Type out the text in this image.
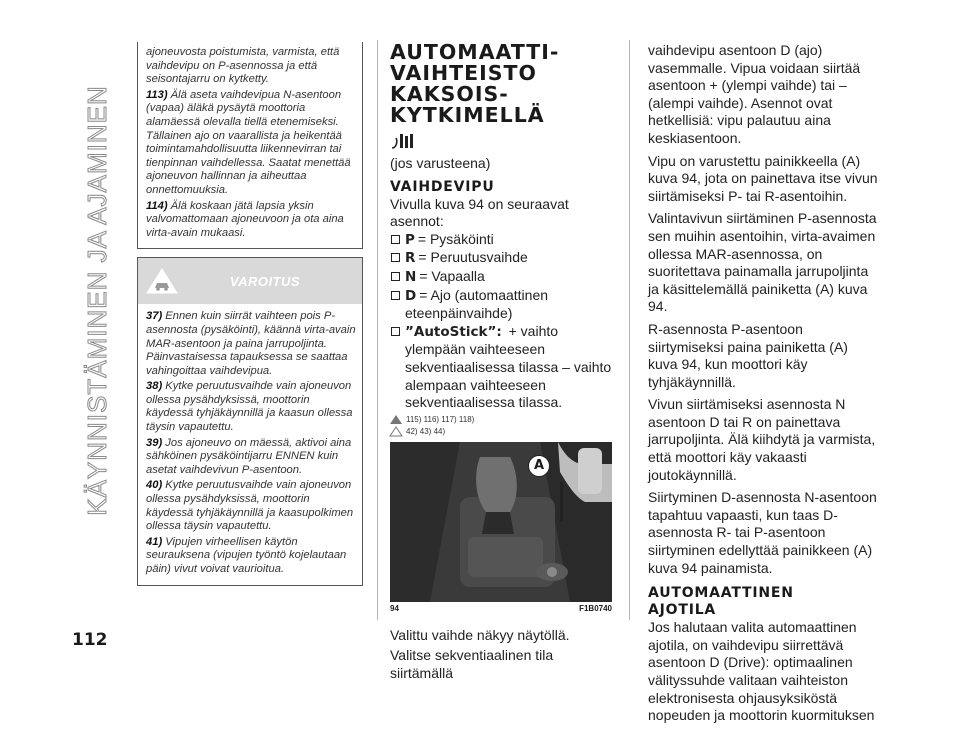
KÄYNNISTÄMINEN JA AJAMINEN
112

ajoneuvosta poistumista, varmista, että vaihdevipu on P-asennossa ja että seisontajarru on kytketty.

113) Älä aseta vaihdevipua N-asentoon (vapaa) äläkä pysäytä moottoria alamäessä olevalla tiellä etenemiseksi. Tällainen ajo on vaarallista ja heikentää toimintamahdollisuutta liikennevirran tai tienpinnan vaihdellessa. Saatat menettää ajoneuvon hallinnan ja aiheuttaa onnettomuuksia.

114) Älä koskaan jätä lapsia yksin valvomattomaan ajoneuvoon ja ota aina virta-avain mukaasi.

VAROITUS

37) Ennen kuin siirrät vaihteen pois P-asennosta (pysäköinti), käännä virta-avain MAR-asentoon ja paina jarrupoljinta. Päinvastaisessa tapauksessa se saattaa vahingoittaa vaihdevipua.

38) Kytke peruutusvaihde vain ajoneuvon ollessa pysähdyksissä, moottorin käydessä tyhjäkäynnillä ja kaasun ollessa täysin vapautettu.

39) Jos ajoneuvo on mäessä, aktivoi aina sähköinen pysäköintijarru ENNEN kuin asetat vaihdevivun P-asentoon.

40) Kytke peruutusvaihde vain ajoneuvon ollessa pysähdyksissä, moottorin käydessä tyhjäkäynnillä ja kaasupolkimen ollessa täysin vapautettu.

41) Vipujen virheellisen käytön seurauksena (vipujen työntö kojelautaan päin) vivut voivat vaurioitua.

AUTOMAATTI-
VAIHTEISTO
KAKSOIS-
KYTKIMELLÄ
(jos varusteena)
VAIHDEVIPU
Vivulla kuva 94 on seuraavat asennot:
P = Pysäköinti
R = Peruutusvaihde
N = Vapaalla
D = Ajo (automaattinen eteenpäinvaihde)
”AutoStick”: + vaihto ylempään vaihteeseen sekventiaalisessa tilassa – vaihto alempaan vaihteeseen sekventiaalisessa tilassa.
115) 116) 117) 118)
42) 43) 44)
A
94	F1B0740
Valittu vaihde näkyy näytöllä.
Valitse sekventiaalinen tila siirtämällä

vaihdevipu asentoon D (ajo) vasemmalle. Vipua voidaan siirtää asentoon + (ylempi vaihde) tai – (alempi vaihde). Asennot ovat hetkellisiä: vipu palautuu aina keskiasentoon.

Vipu on varustettu painikkeella (A) kuva 94, jota on painettava itse vivun siirtämiseksi P- tai R-asentoihin.

Valintavivun siirtäminen P-asennosta sen muihin asentoihin, virta-avaimen ollessa MAR-asennossa, on suoritettava painamalla jarrupoljinta ja käsittelemällä painiketta (A) kuva 94.

R-asennosta P-asentoon siirtymiseksi paina painiketta (A) kuva 94, kun moottori käy tyhjäkäynnillä.

Vivun siirtämiseksi asennosta N asentoon D tai R on painettava jarrupoljinta. Älä kiihdytä ja varmista, että moottori käy vakaasti joutokäynnillä.

Siirtyminen D-asennosta N-asentoon tapahtuu vapaasti, kun taas D-asennosta R- tai P-asentoon siirtyminen edellyttää painikkeen (A) kuva 94 painamista.

AUTOMAATTINEN
AJOTILA

Jos halutaan valita automaattinen ajotila, on vaihdevipu siirrettävä asentoon D (Drive): optimaalinen välityssuhde valitaan vaihteiston elektronisesta ohjausyksiköstä nopeuden ja moottorin kuormituksen
